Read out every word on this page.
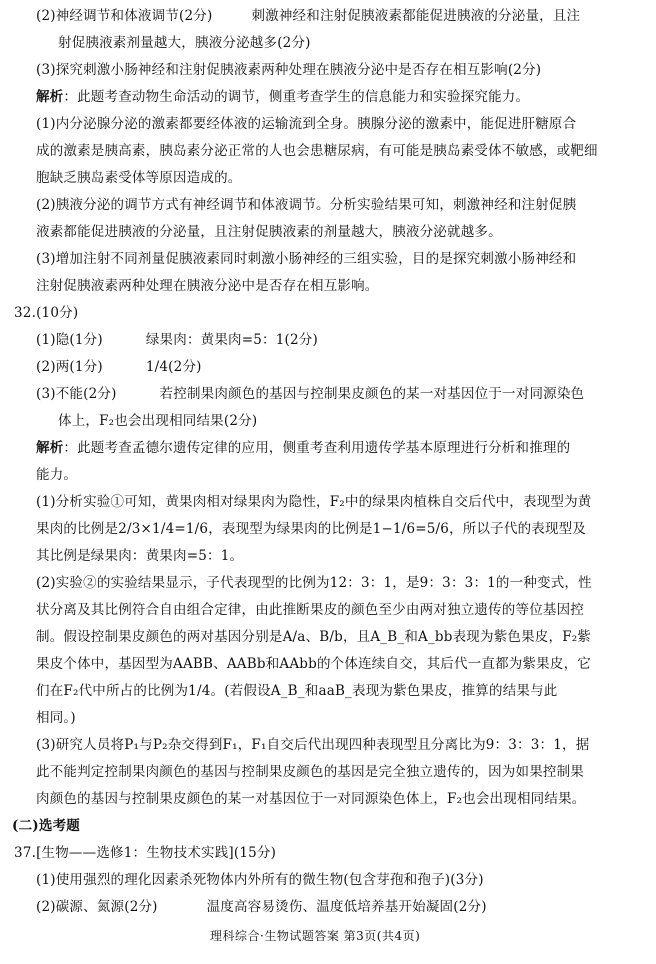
(2)神经调节和体液调节(2分)	刺激神经和注射促胰液素都能促进胰液的分泌量，且注
射促胰液素剂量越大，胰液分泌越多(2分)
(3)探究刺激小肠神经和注射促胰液素两种处理在胰液分泌中是否存在相互影响(2分)
解析：此题考查动物生命活动的调节，侧重考查学生的信息能力和实验探究能力。
(1)内分泌腺分泌的激素都要经体液的运输流到全身。胰腺分泌的激素中，能促进肝糖原合
成的激素是胰高素，胰岛素分泌正常的人也会患糖尿病，有可能是胰岛素受体不敏感，或靶细
胞缺乏胰岛素受体等原因造成的。
(2)胰液分泌的调节方式有神经调节和体液调节。分析实验结果可知，刺激神经和注射促胰
液素都能促进胰液的分泌量，且注射促胰液素的剂量越大，胰液分泌就越多。
(3)增加注射不同剂量促胰液素同时刺激小肠神经的三组实验，目的是探究刺激小肠神经和
注射促胰液素两种处理在胰液分泌中是否存在相互影响。
32.(10分)
(1)隐(1分)	绿果肉：黄果肉=5：1(2分)
(2)两(1分)	1/4(2分)
(3)不能(2分)	若控制果肉颜色的基因与控制果皮颜色的某一对基因位于一对同源染色
体上，F₂也会出现相同结果(2分)
解析：此题考查孟德尔遗传定律的应用，侧重考查利用遗传学基本原理进行分析和推理的
能力。
(1)分析实验①可知，黄果肉相对绿果肉为隐性，F₂中的绿果肉植株自交后代中，表现型为黄
果肉的比例是2/3×1/4=1/6，表现型为绿果肉的比例是1−1/6=5/6，所以子代的表现型及
其比例是绿果肉：黄果肉=5：1。
(2)实验②的实验结果显示，子代表现型的比例为12：3：1，是9：3：3：1的一种变式，性
状分离及其比例符合自由组合定律，由此推断果皮的颜色至少由两对独立遗传的等位基因控
制。假设控制果皮颜色的两对基因分别是A/a、B/b，且A_B_和A_bb表现为紫色果皮，F₂紫
果皮个体中，基因型为AABB、AABb和AAbb的个体连续自交，其后代一直都为紫果皮，它
们在F₂代中所占的比例为1/4。(若假设A_B_和aaB_表现为紫色果皮，推算的结果与此
相同。)
(3)研究人员将P₁与P₂杂交得到F₁，F₁自交后代出现四种表现型且分离比为9：3：3：1，据
此不能判定控制果肉颜色的基因与控制果皮颜色的基因是完全独立遗传的，因为如果控制果
肉颜色的基因与控制果皮颜色的某一对基因位于一对同源染色体上，F₂也会出现相同结果。
(二)选考题
37.[生物——选修1：生物技术实践](15分)
(1)使用强烈的理化因素杀死物体内外所有的微生物(包含芽孢和孢子)(3分)
(2)碳源、氮源(2分)	温度高容易烫伤、温度低培养基开始凝固(2分)
理科综合·生物试题答案 第3页(共4页)
